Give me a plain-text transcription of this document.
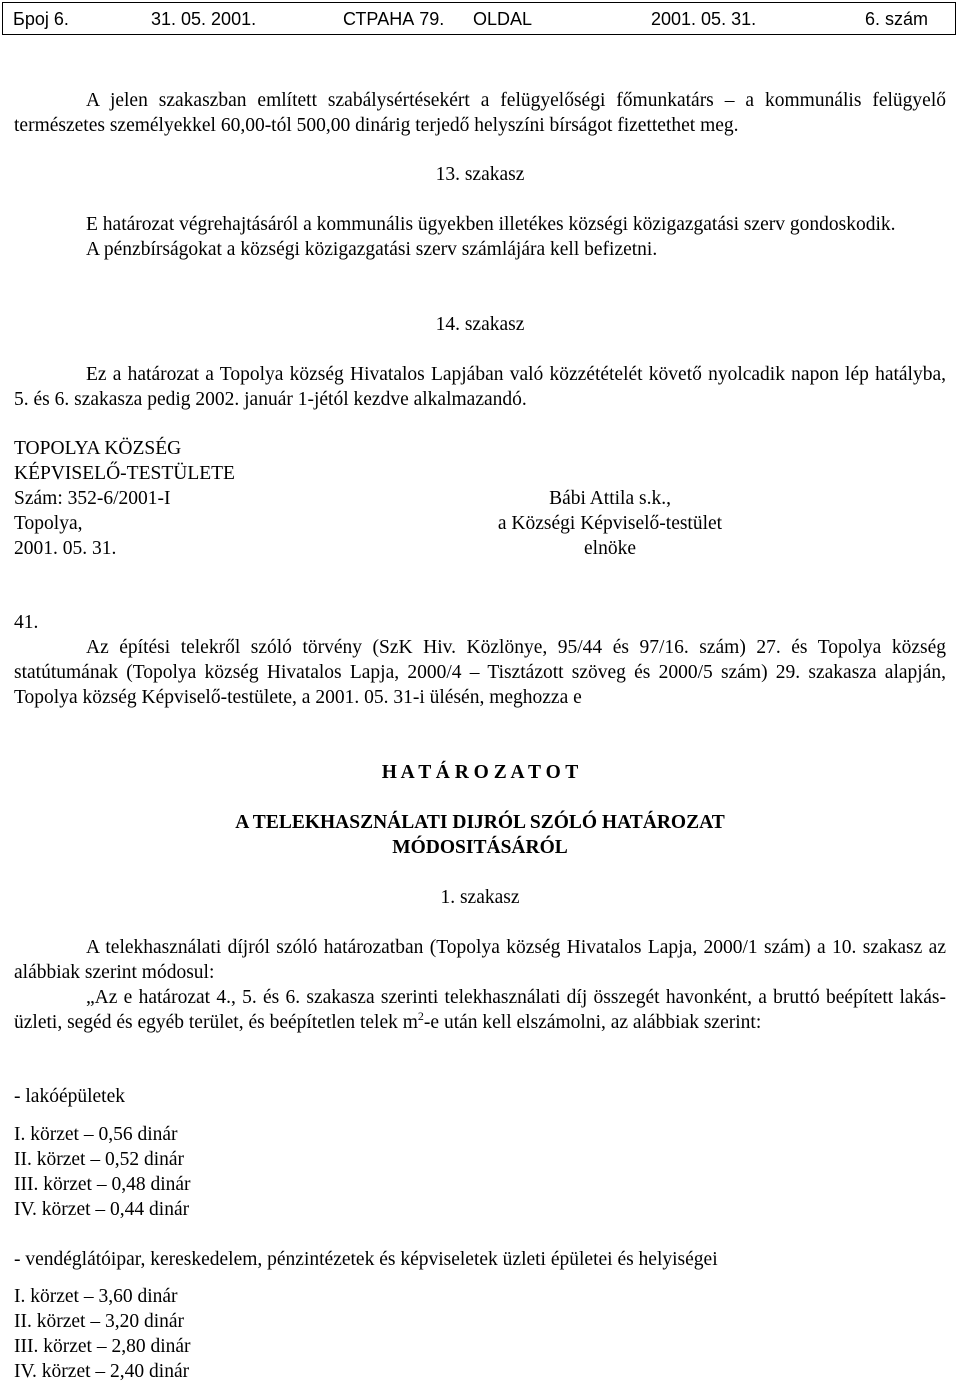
Број 6.	31. 05. 2001.	СТРАНА 79. OLDAL	2001. 05. 31.	6. szám

A jelen szakaszban említett szabálysértésekért a felügyelőségi főmunkatárs – a kommunális felügyelő természetes személyekkel 60,00-tól 500,00 dinárig terjedő helyszíni bírságot fizettethet meg.

13. szakasz

E határozat végrehajtásáról a kommunális ügyekben illetékes községi közigazgatási szerv gondoskodik.

A pénzbírságokat a községi közigazgatási szerv számlájára kell befizetni.

14. szakasz

Ez a határozat a Topolya község Hivatalos Lapjában való közzétételét követő nyolcadik napon lép hatályba, 5. és 6. szakasza pedig 2002. január 1-jétól kezdve alkalmazandó.

TOPOLYA KÖZSÉG
KÉPVISELŐ-TESTÜLETE
Szám: 352-6/2001-I
Topolya,
2001. 05. 31.
Bábi Attila s.k.,
a Községi Képviselő-testület
elnöke
41.

Az építési telekről szóló törvény (SzK Hiv. Közlönye, 95/44 és 97/16. szám) 27. és Topolya község statútumának (Topolya község Hivatalos Lapja, 2000/4 – Tisztázott szöveg és 2000/5 szám) 29. szakasza alapján, Topolya község Képviselő-testülete, a 2001. 05. 31-i ülésén, meghozza e

H A T Á R O Z A T O T
A TELEKHASZNÁLATI DIJRÓL SZÓLÓ HATÁROZAT
MÓDOSITÁSÁRÓL
1. szakasz

A telekhasználati díjról szóló határozatban (Topolya község Hivatalos Lapja, 2000/1 szám) a 10. szakasz az alábbiak szerint módosul:

„Az e határozat 4., 5. és 6. szakasza szerinti telekhasználati díj összegét havonként, a bruttó beépített lakás- üzleti, segéd és egyéb terület, és beépítetlen telek $m^2-e$ után kell elszámolni, az alábbiak szerint:

- lakóépületek
I. körzet – 0,56 dinár
II. körzet – 0,52 dinár
III. körzet – 0,48 dinár
IV. körzet – 0,44 dinár
- vendéglátóipar, kereskedelem, pénzintézetek és képviseletek üzleti épületei és helyiségei
I. körzet – 3,60 dinár
II. körzet – 3,20 dinár
III. körzet – 2,80 dinár
IV. körzet – 2,40 dinár
